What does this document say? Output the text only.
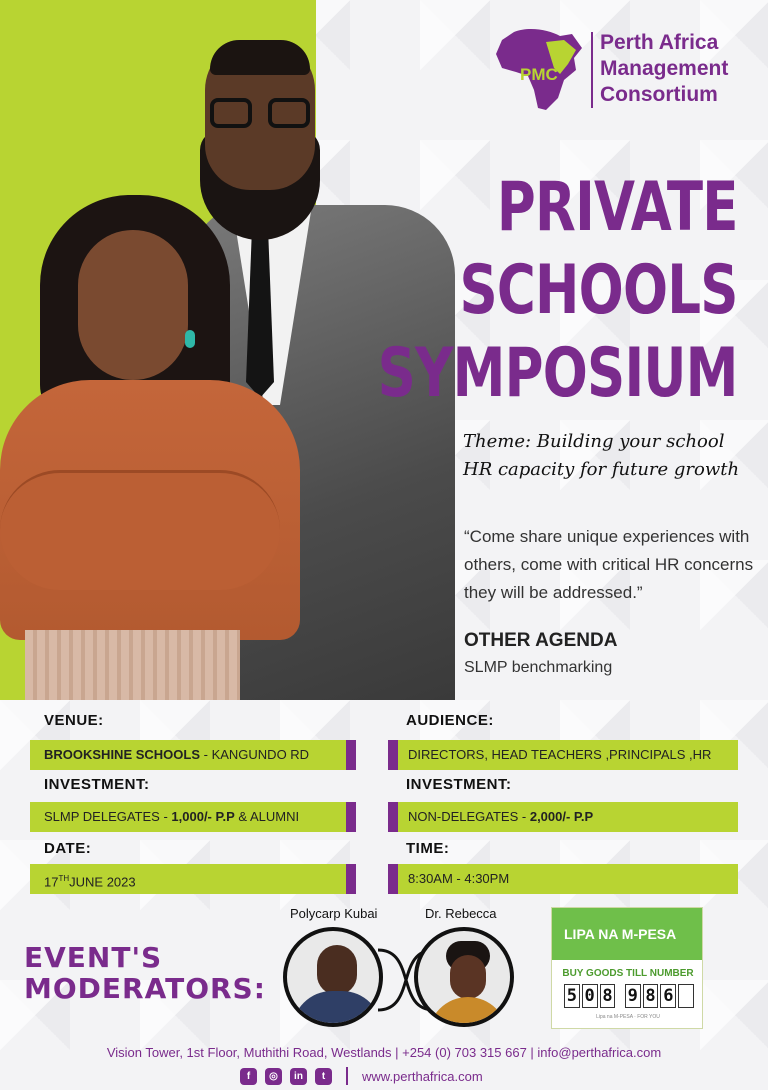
PMC
Perth Africa
Management
Consortium
PRIVATE
SCHOOLS
SYMPOSIUM
Theme: Building your school
HR capacity for future growth
“Come share unique experiences with others, come with critical HR concerns they will be addressed.”
OTHER AGENDA
SLMP benchmarking
VENUE:
BROOKSHINE SCHOOLS - KANGUNDO RD
AUDIENCE:
DIRECTORS, HEAD TEACHERS ,PRINCIPALS ,HR
INVESTMENT:
SLMP DELEGATES - 1,000/- P.P & ALUMNI
INVESTMENT:
NON-DELEGATES - 2,000/- P.P
DATE:
17THJUNE 2023
TIME:
8:30AM - 4:30PM
EVENT'S
MODERATORS:
Polycarp Kubai	Dr. Rebecca
LIPA NA M-PESA
BUY GOODS TILL NUMBER
5 0 8 9 8 6
Lipa na M-PESA · FOR YOU
Vision Tower, 1st Floor, Muthithi Road, Westlands | +254 (0) 703 315 667 | info@perthafrica.com
f	◎	in	t	www.perthafrica.com
